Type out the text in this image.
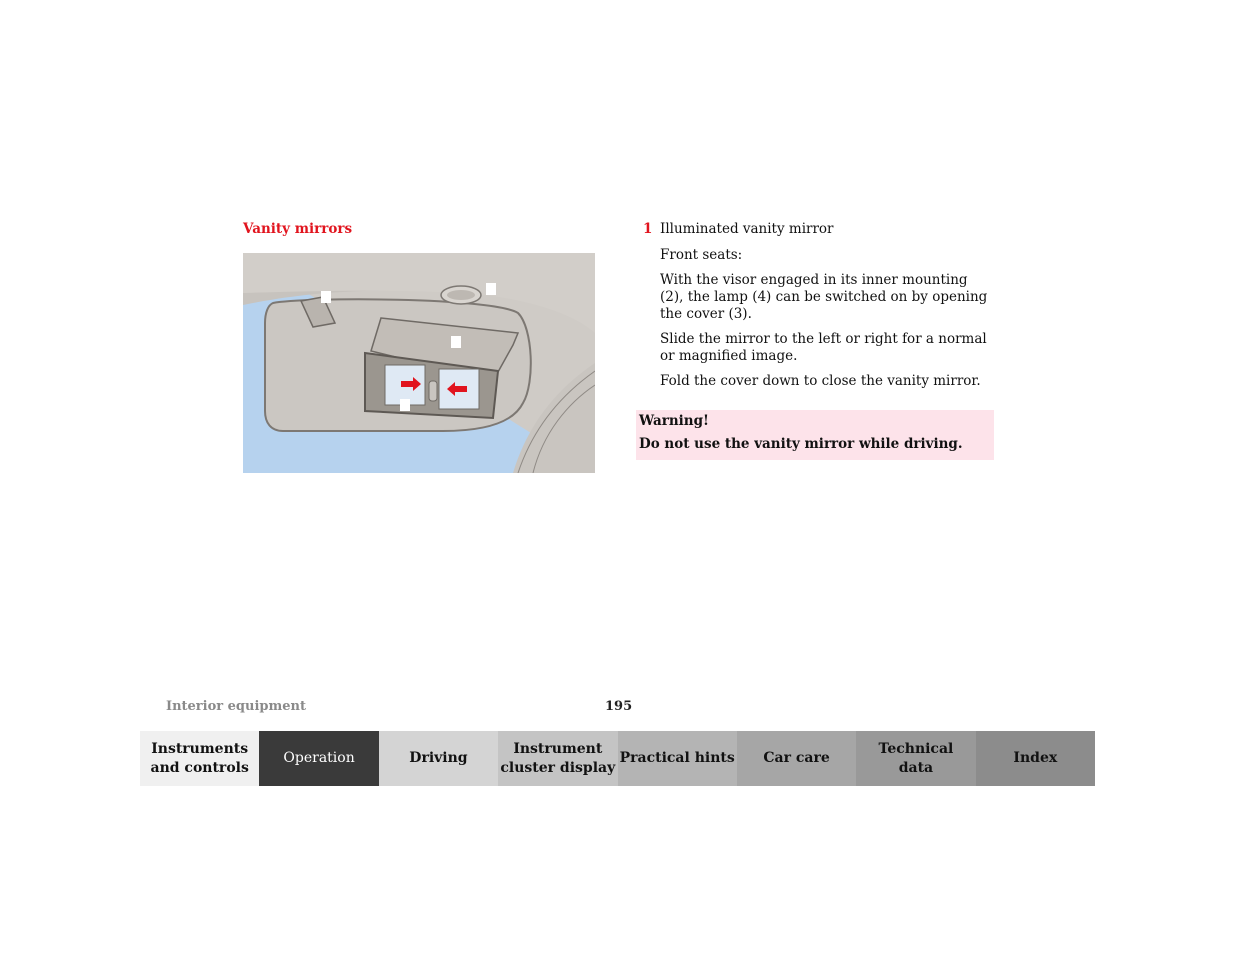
Vanity mirrors	1 Illuminated vanity mirror

Front seats:

With the visor engaged in its inner mounting (2), the lamp (4) can be switched on by opening the cover (3).

Slide the mirror to the left or right for a normal or magnified image.

Fold the cover down to close the vanity mirror.

Warning!
Do not use the vanity mirror while driving.
Interior equipment	195
Instruments
and controls
Operation	Driving
Instrument
cluster display
Practical hints	Car care
Technical
data
Index
